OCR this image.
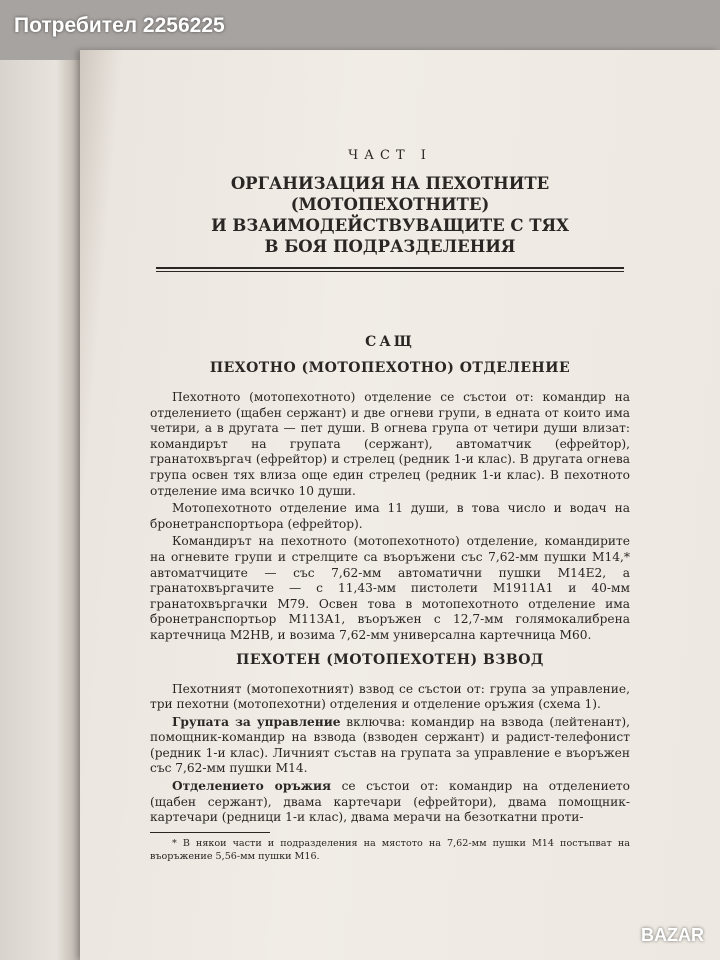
ЧАСТ I
ОРГАНИЗАЦИЯ НА ПЕХОТНИТЕ (МОТОПЕХОТНИТЕ)
И ВЗАИМОДЕЙСТВУВАЩИТЕ С ТЯХ
В БОЯ ПОДРАЗДЕЛЕНИЯ
САЩ
ПЕХОТНО (МОТОПЕХОТНО) ОТДЕЛЕНИЕ

Пехотното (мотопехотното) отделение се състои от: командир на отделението (щабен сержант) и две огневи групи, в едната от които има четири, а в другата — пет души. В огнева група от четири души влизат: командирът на групата (сержант), автоматчик (ефрейтор), гранатохвъргач (ефрейтор) и стрелец (редник 1-и клас). В другата огнева група освен тях влиза още един стрелец (редник 1-и клас). В пехотното отделение има всичко 10 души.

Мотопехотното отделение има 11 души, в това число и водач на бронетранспортьора (ефрейтор).

Командирът на пехотното (мотопехотното) отделение, командирите на огневите групи и стрелците са въоръжени със 7,62-мм пушки М14,* автоматчиците — със 7,62-мм автоматични пушки М14Е2, а гранатохвъргачите — с 11,43-мм пистолети М1911А1 и 40-мм гранатохвъргачки М79. Освен това в мотопехотното отделение има бронетранспортьор М113А1, въоръжен с 12,7-мм голямокалибрена картечница М2НВ, и возима 7,62-мм универсална картечница М60.

ПЕХОТЕН (МОТОПЕХОТЕН) ВЗВОД

Пехотният (мотопехотният) взвод се състои от: група за управление, три пехотни (мотопехотни) отделения и отделение оръжия (схема 1).

Групата за управление включва: командир на взвода (лейтенант), помощник-командир на взвода (взводен сержант) и радист-телефонист (редник 1-и клас). Личният състав на групата за управление е въоръжен със 7,62-мм пушки М14.

Отделението оръжия се състои от: командир на отделението (щабен сержант), двама картечари (ефрейтори), двама помощник-картечари (редници 1-и клас), двама мерачи на безоткатни проти-

* В някои части и подразделения на мястото на 7,62-мм пушки М14 постъпват на въоръжение 5,56-мм пушки М16.
Потребител 2256225
BAZAR
